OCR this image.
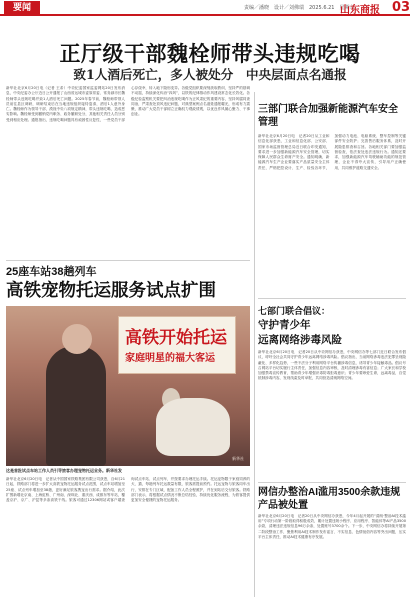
要闻	责编／潘晓　设计／刘佛瑞　2025.6.21　星期六
山东商报 03
正厅级干部魏栓师带头违规吃喝
致1人酒后死亡，多人被处分　中央层面点名通报
新华社北京6月20日电（记者 王希）中央纪委国家监委网站20日发布消息，中央纪委办公厅近日公开通报了山西省运城市委原常委、常务副市长魏栓师带头违规吃喝并致1人酒后死亡问题。2025年春节前，魏栓师带领人员前往县区调研，调研结束后在当地违规组织接待宴请，酒后1人意外身亡。魏栓师作为领导干部，漠视中央八项规定精神，带头违规吃喝，造成恶劣影响。魏栓师受到撤销党内职务、政务撤职处分，其他相关责任人员分别受到相应处理。通报指出，违规吃喝问题具有顽固性反复性，一些党员干部心存侥幸，转入地下隐形变异。各级党组织要深刻汲取教训，坚持严的基调不动摇，持续深化纠治“四风”，以铁的纪律推动作风建设常态化长效化。各级纪检监察机关要把纠治违规吃喝作为正风肃纪的重要内容，坚持风腐同查同治，严肃查处顶风违纪问题，对典型案例点名道姓通报曝光，形成有力震慑，推动广大党员干部树立正确权力观政绩观，以优良作风凝心聚力、干事创业。	三部门联合加强新能源汽车安全管理
新华社北京6月20日电　记者20日从工业和信息化部获悉，工业和信息化部、公安部、国家市场监督管理总局近日联合印发通知，要求进一步加强新能源汽车安全管理，切实保障人民群众生命财产安全。通知明确，新能源汽车生产企业要落实产品质量安全主体责任，严格把控设计、生产、检验各环节，加强动力电池、电驱系统、整车控制等关键部件安全防护；完善售后服务体系，及时开展隐患排查和召回。各地相关部门要加强监督检查，依法查处违法违规行为。通知还要求，加强新能源汽车驾驶辅助功能的规范管理，企业不得夸大宣传，引导用户正确使用，共同维护道路交通安全。
25座车站38趟列车
高铁宠物托运服务试点扩围
高铁开始托运
家庭明星的福大客运
新华社
这是首批试点车站工作人员引导旅客办理宠物托运业务。新华社发
新华社北京6月20日电　记者从中国国家铁路集团有限公司获悉，自6月21日起，铁路部门将进一步扩大高铁宠物托运服务试点范围，试点车站增加至25座、试点列车增加至38趟，更好满足旅客携宠出行需求。据介绍，此次扩围新增北京南、上海虹桥、广州南、深圳北、重庆西、成都东等车站，覆盖京沪、京广、沪昆等多条高铁干线。旅客可通过12306网站或客户端查询试点车站、试点列车，并按要求办理托运手续。托运宠物限于家庭饲养的犬、猫，每趟列车托运数量有限，旅客需提前预约。托运宠物与旅客同车出行，安排在专门区域，配备工作人员全程照护，并在到站后交付旅客。铁路部门表示，将根据试点情况不断总结经验，持续优化服务流程，为旅客提供更加安全便捷的宠物托运服务。
七部门联合倡议：
守护青少年
远离网络涉毒风险
新华社北京6月20日电　记者20日从中央网信办获悉，中央网信办等七部门近日联合发布倡议，呼吁全社会共同守护青少年远离网络涉毒风险。倡议指出，当前网络涉毒违法犯罪呈现隐蔽化、多样化趋势，一些不法分子利用网络平台传播涉毒信息，诱导青少年接触毒品。倡议号召网站平台切实履行主体责任，加强信息内容审核，及时清理涉毒有害信息；广大家长和学校加强禁毒宣传教育，帮助青少年增强识毒防毒拒毒意识；青少年要珍爱生命，远离毒品，自觉抵制涉毒内容，发现线索及时举报，共同营造清朗网络空间。
网信办整治AI滥用3500余款违规产品被处置
新华社北京6月20日电　记者20日从中央网信办获悉，今年4月起开展的“清朗·整治AI技术滥用”专项行动第一阶段取得积极成效，累计处置违规小程序、应用程序、智能体等AI产品3500余款，清理违法违规信息96万余条，处置账号3700余个。下一步，中央网信办将持续开展第二阶段整治工作，聚焦利用AI技术制作发布谣言、不实信息、色情低俗内容等突出问题，压实平台主体责任，推动AI技术健康有序发展。
